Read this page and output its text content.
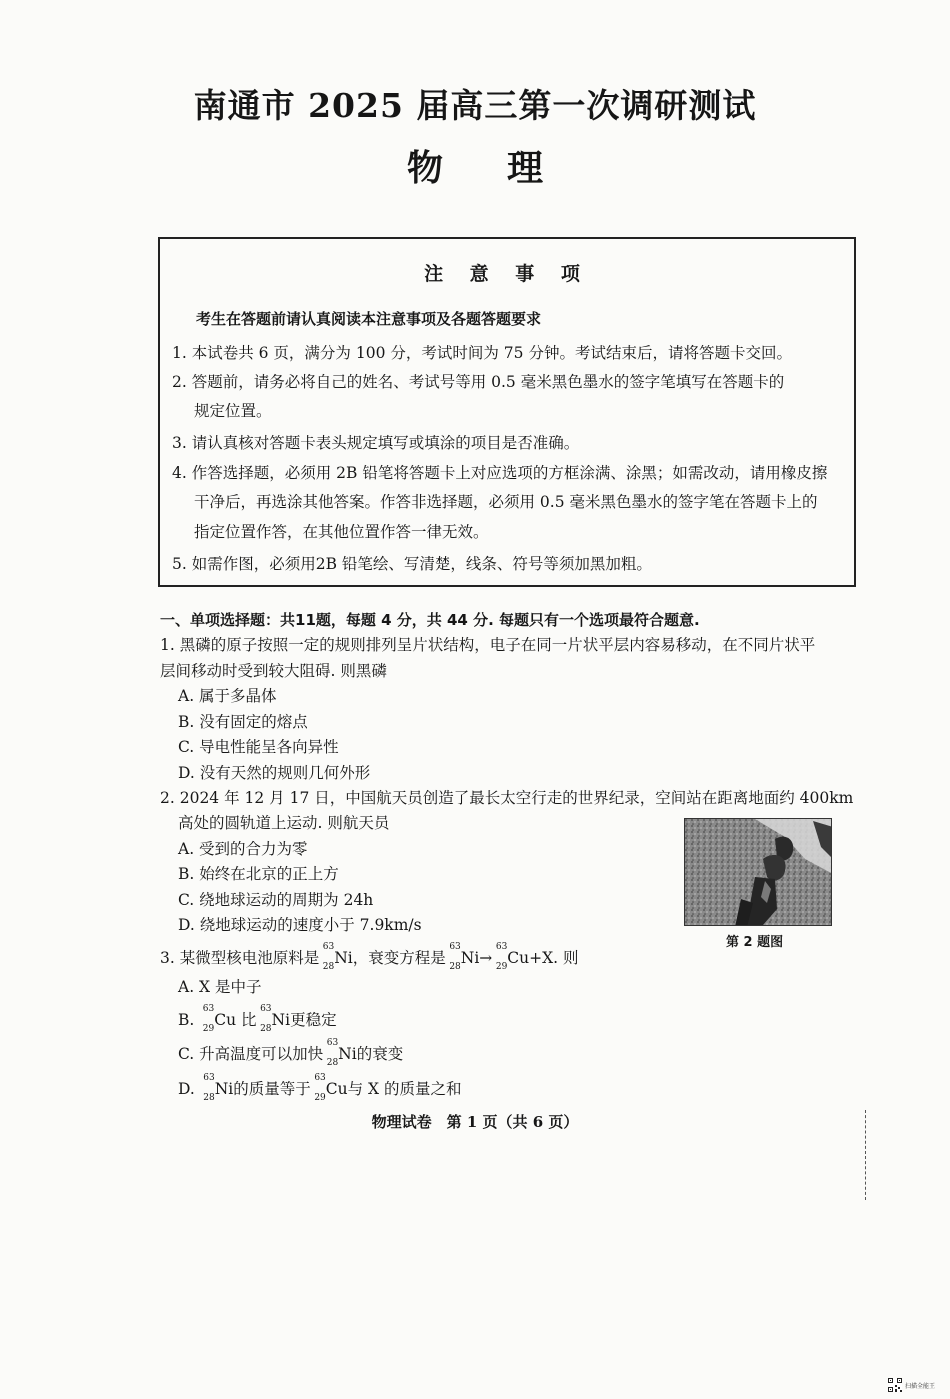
南通市 2025 届高三第一次调研测试
物 理
注 意 事 项
考生在答题前请认真阅读本注意事项及各题答题要求
1. 本试卷共 6 页，满分为 100 分，考试时间为 75 分钟。考试结束后，请将答题卡交回。
2. 答题前，请务必将自己的姓名、考试号等用 0.5 毫米黑色墨水的签字笔填写在答题卡的
规定位置。
3. 请认真核对答题卡表头规定填写或填涂的项目是否准确。
4. 作答选择题，必须用 2B 铅笔将答题卡上对应选项的方框涂满、涂黑；如需改动，请用橡皮擦
干净后，再选涂其他答案。作答非选择题，必须用 0.5 毫米黑色墨水的签字笔在答题卡上的
指定位置作答，在其他位置作答一律无效。
5. 如需作图，必须用2B 铅笔绘、写清楚，线条、符号等须加黑加粗。
一、单项选择题：共11题，每题 4 分，共 44 分. 每题只有一个选项最符合题意.
1. 黑磷的原子按照一定的规则排列呈片状结构，电子在同一片状平层内容易移动，在不同片状平
层间移动时受到较大阻碍. 则黑磷
A. 属于多晶体
B. 没有固定的熔点
C. 导电性能呈各向异性
D. 没有天然的规则几何外形
2. 2024 年 12 月 17 日，中国航天员创造了最长太空行走的世界纪录，空间站在距离地面约 400km
高处的圆轨道上运动. 则航天员
A. 受到的合力为零
B. 始终在北京的正上方
C. 绕地球运动的周期为 24h
D. 绕地球运动的速度小于 7.9km/s
第 2 题图
3. 某微型核电池原料是
63
28 Ni，衰变方程是
63
28 Ni→
63
29 Cu+X. 则
A. X 是中子
B.
63
29 Cu 比
63
28 Ni更稳定
C. 升高温度可以加快
63
28 Ni的衰变
D.
63
28 Ni的质量等于
63
29 Cu与 X 的质量之和
物理试卷　第 1 页（共 6 页）
扫描全能王
